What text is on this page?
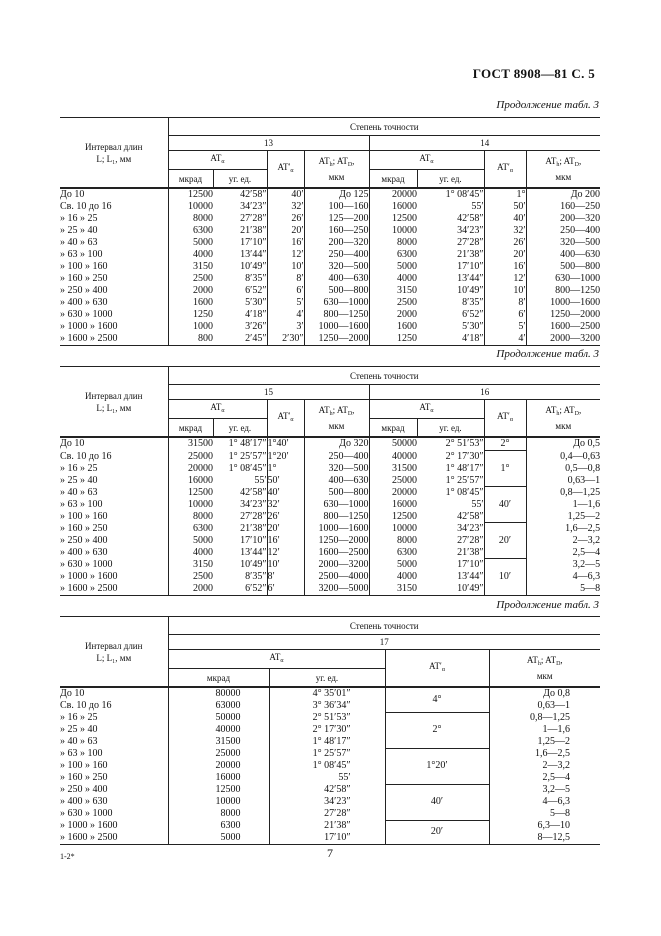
ГОСТ 8908—81 С. 5
Продолжение табл. 3
Интервал длин
L; L₁, мм	Степень точности							
	13				14			
	$AT_\alpha$		$AT'_\alpha$	$AT_h$; $AT_D$,
мкм	$AT_\alpha$		$AT'_\alpha$	$AT_h$; $AT_D$,
мкм
	мкрад	уг. ед.			мкрад	уг. ед.		
До 10	12500	42′58″	40′	До 125	20000	1° 08′45″	1°	До 200
Св. 10 до 16	10000	34′23″	32′	100—160	16000	55′	50′	160—250
» 16 » 25	8000	27′28″	26′	125—200	12500	42′58″	40′	200—320
» 25 » 40	6300	21′38″	20′	160—250	10000	34′23″	32′	250—400
» 40 » 63	5000	17′10″	16′	200—320	8000	27′28″	26′	320—500
» 63 » 100	4000	13′44″	12′	250—400	6300	21′38″	20′	400—630
» 100 » 160	3150	10′49″	10′	320—500	5000	17′10″	16′	500—800
» 160 » 250	2500	8′35″	8′	400—630	4000	13′44″	12′	630—1000
» 250 » 400	2000	6′52″	6′	500—800	3150	10′49″	10′	800—1250
» 400 » 630	1600	5′30″	5′	630—1000	2500	8′35″	8′	1000—1600
» 630 » 1000	1250	4′18″	4′	800—1250	2000	6′52″	6′	1250—2000
» 1000 » 1600	1000	3′26″	3′	1000—1600	1600	5′30″	5′	1600—2500
» 1600 » 2500	800	2′45″	2′30″	1250—2000	1250	4′18″	4′	2000—3200
Продолжение табл. 3
Интервал длин
L; L₁, мм	Степень точности							
	15				16			
	$AT_\alpha$		$AT'_\alpha$	$AT_h$; $AT_D$,
мкм	$AT_\alpha$		$AT'_\alpha$	$AT_h$; $AT_D$,
мкм
	мкрад	уг. ед.			мкрад	уг. ед.		
До 10	31500	1° 48′17″	1°40′	До 320	50000	2° 51′53″	2°	До 0,5
Св. 10 до 16	25000	1° 25′57″	1°20′	250—400	40000	2° 17′30″	1°	0,4—0,63
» 16 » 25	20000	1° 08′45″	1°	320—500	31500	1° 48′17″		0,5—0,8
» 25 » 40	16000	55′	50′	400—630	25000	1° 25′57″		0,63—1
» 40 » 63	12500	42′58″	40′	500—800	20000	1° 08′45″	40′	0,8—1,25
» 63 » 100	10000	34′23″	32′	630—1000	16000	55′		1—1,6
» 100 » 160	8000	27′28″	26′	800—1250	12500	42′58″		1,25—2
» 160 » 250	6300	21′38″	20′	1000—1600	10000	34′23″	20′	1,6—2,5
» 250 » 400	5000	17′10″	16′	1250—2000	8000	27′28″		2—3,2
» 400 » 630	4000	13′44″	12′	1600—2500	6300	21′38″		2,5—4
» 630 » 1000	3150	10′49″	10′	2000—3200	5000	17′10″	10′	3,2—5
» 1000 » 1600	2500	8′35″	8′	2500—4000	4000	13′44″		4—6,3
» 1600 » 2500	2000	6′52″	6′	3200—5000	3150	10′49″		5—8
Продолжение табл. 3
Интервал длин
L; L₁, мм	Степень точности			
	17			
	$AT_\alpha$		$AT'_\alpha$	$AT_h$; $AT_D$,
мкм
	мкрад	уг. ед.		
До 10	80000	4° 35′01″	4°	До 0,8
Св. 10 до 16	63000	3° 36′34″		0,63—1
» 16 » 25	50000	2° 51′53″	2°	0,8—1,25
» 25 » 40	40000	2° 17′30″		1—1,6
» 40 » 63	31500	1° 48′17″		1,25—2
» 63 » 100	25000	1° 25′57″	1°20′	1,6—2,5
» 100 » 160	20000	1° 08′45″		2—3,2
» 160 » 250	16000	55′		2,5—4
» 250 » 400	12500	42′58″	40′	3,2—5
» 400 » 630	10000	34′23″		4—6,3
» 630 » 1000	8000	27′28″		5—8
» 1000 » 1600	6300	21′38″	20′	6,3—10
» 1600 » 2500	5000	17′10″		8—12,5
1-2*	7
